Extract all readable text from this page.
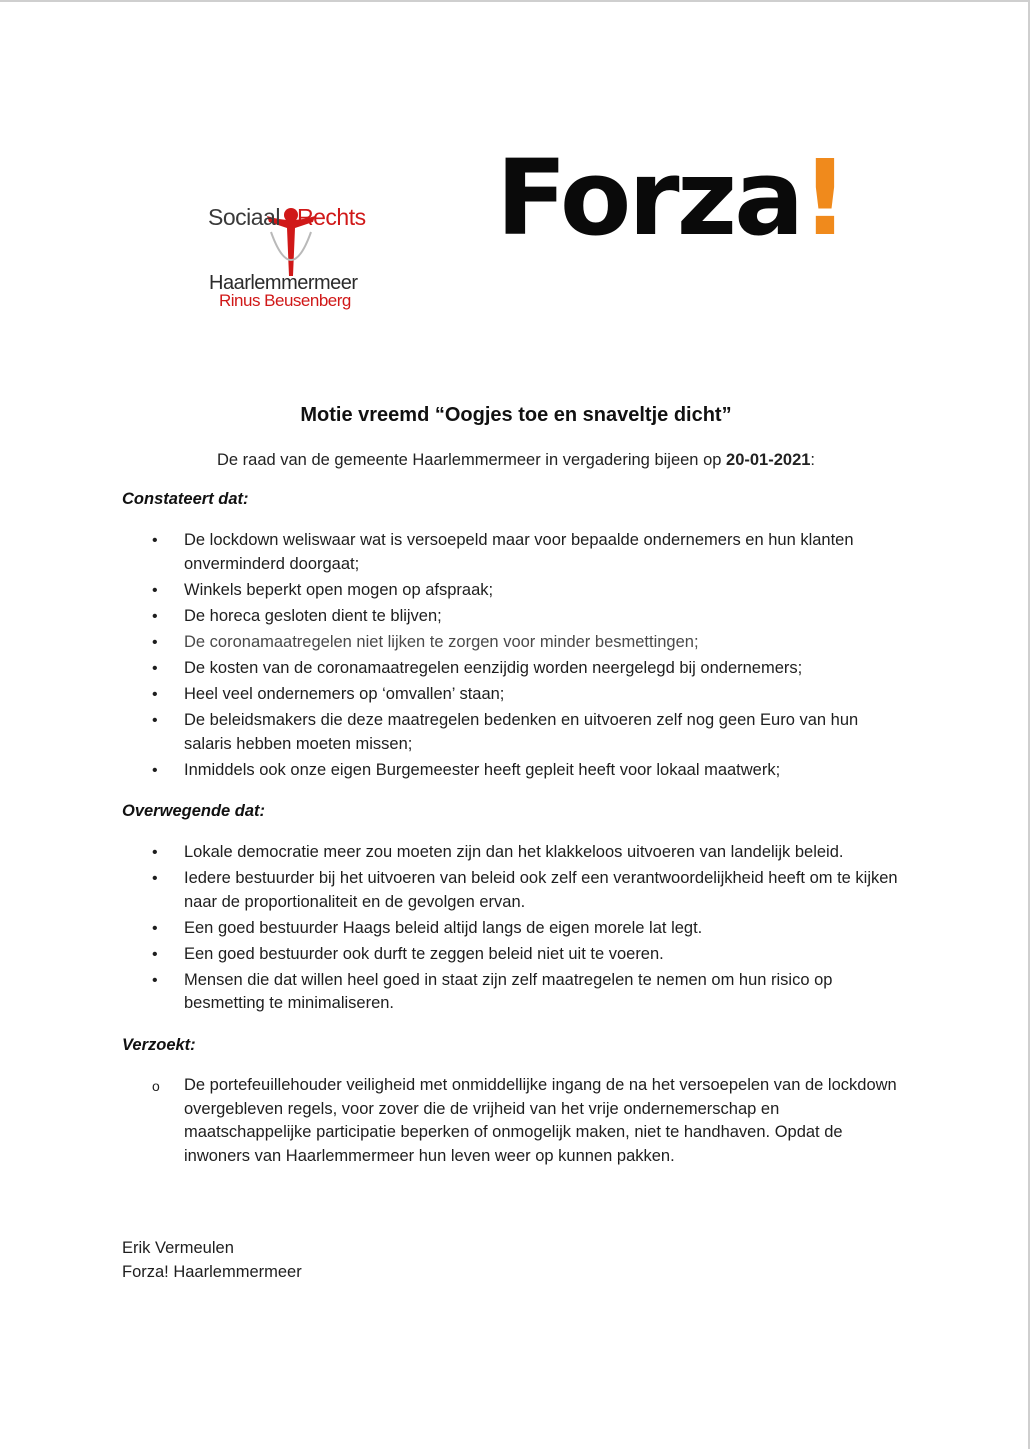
Sociaal Rechts
Haarlemmermeer
Rinus Beusenberg
Forza!
Motie vreemd “Oogjes toe en snaveltje dicht”
De raad van de gemeente Haarlemmermeer in vergadering bijeen op 20-01-2021:
Constateert dat:
•	De lockdown weliswaar wat is versoepeld maar voor bepaalde ondernemers en hun klanten onverminderd doorgaat;
•	Winkels beperkt open mogen op afspraak;
•	De horeca gesloten dient te blijven;
•	De coronamaatregelen niet lijken te zorgen voor minder besmettingen;
•	De kosten van de coronamaatregelen eenzijdig worden neergelegd bij ondernemers;
•	Heel veel ondernemers op ‘omvallen’ staan;
•	De beleidsmakers die deze maatregelen bedenken en uitvoeren zelf nog geen Euro van hun salaris hebben moeten missen;
•	Inmiddels ook onze eigen Burgemeester heeft gepleit heeft voor lokaal maatwerk;
Overwegende dat:
•	Lokale democratie meer zou moeten zijn dan het klakkeloos uitvoeren van landelijk beleid.
•	Iedere bestuurder bij het uitvoeren van beleid ook zelf een verantwoordelijkheid heeft om te kijken naar de proportionaliteit en de gevolgen ervan.
•	Een goed bestuurder Haags beleid altijd langs de eigen morele lat legt.
•	Een goed bestuurder ook durft te zeggen beleid niet uit te voeren.
•	Mensen die dat willen heel goed in staat zijn zelf maatregelen te nemen om hun risico op besmetting te minimaliseren.
Verzoekt:
o	De portefeuillehouder veiligheid met onmiddellijke ingang de na het versoepelen van de lockdown overgebleven regels, voor zover die de vrijheid van het vrije ondernemerschap en maatschappelijke participatie beperken of onmogelijk maken, niet te handhaven. Opdat de inwoners van Haarlemmermeer hun leven weer op kunnen pakken.
Erik Vermeulen
Forza! Haarlemmermeer
